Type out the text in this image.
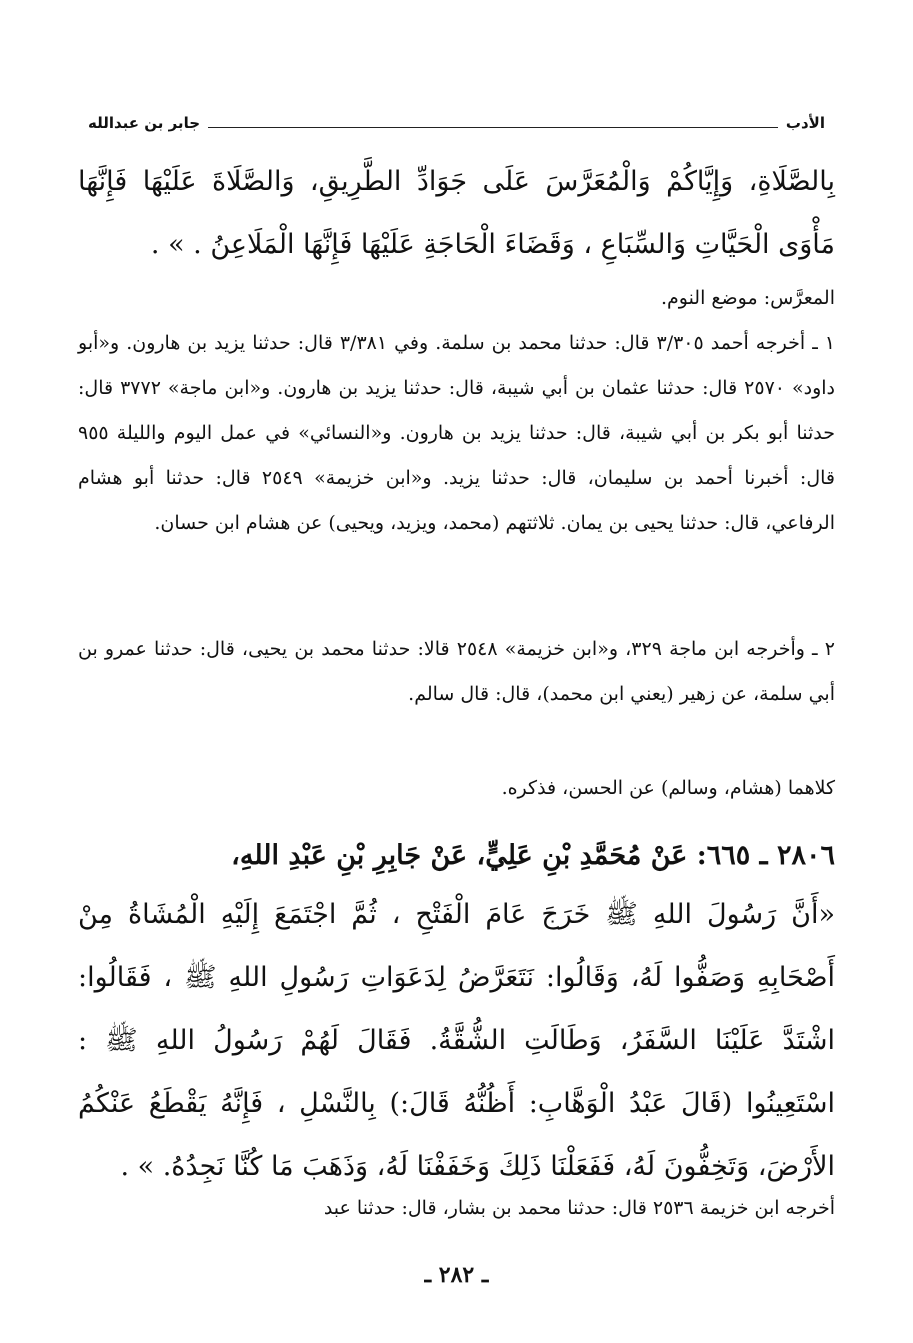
الأدب
جابر بن عبدالله
بِالصَّلَاةِ، وَإِيَّاكُمْ وَالْمُعَرَّسَ عَلَى جَوَادِّ الطَّرِيقِ، وَالصَّلَاةَ عَلَيْهَا فَإِنَّهَا مَأْوَى الْحَيَّاتِ وَالسِّبَاعِ ، وَقَضَاءَ الْحَاجَةِ عَلَيْهَا فَإِنَّهَا الْمَلَاعِنُ . » .
المعرَّس: موضع النوم.
١ ـ أخرجه أحمد ٣/٣٠٥ قال: حدثنا محمد بن سلمة. وفي ٣/٣٨١ قال: حدثنا يزيد بن هارون. و«أبو داود» ٢٥٧٠ قال: حدثنا عثمان بن أبي شيبة، قال: حدثنا يزيد بن هارون. و«ابن ماجة» ٣٧٧٢ قال: حدثنا أبو بكر بن أبي شيبة، قال: حدثنا يزيد بن هارون. و«النسائي» في عمل اليوم والليلة ٩٥٥ قال: أخبرنا أحمد بن سليمان، قال: حدثنا يزيد. و«ابن خزيمة» ٢٥٤٩ قال: حدثنا أبو هشام الرفاعي، قال: حدثنا يحيى بن يمان. ثلاثتهم (محمد، ويزيد، ويحيى) عن هشام ابن حسان.
٢ ـ وأخرجه ابن ماجة ٣٢٩، و«ابن خزيمة» ٢٥٤٨ قالا: حدثنا محمد بن يحيى، قال: حدثنا عمرو بن أبي سلمة، عن زهير (يعني ابن محمد)، قال: قال سالم.
كلاهما (هشام، وسالم) عن الحسن، فذكره.
٢٨٠٦ ـ ٦٦٥: عَنْ مُحَمَّدِ بْنِ عَلِيٍّ، عَنْ جَابِرِ بْنِ عَبْدِ اللهِ،
«أَنَّ رَسُولَ اللهِ ﷺ خَرَجَ عَامَ الْفَتْحِ ، ثُمَّ اجْتَمَعَ إِلَيْهِ الْمُشَاةُ مِنْ أَصْحَابِهِ وَصَفُّوا لَهُ، وَقَالُوا: نَتَعَرَّضُ لِدَعَوَاتِ رَسُولِ اللهِ ﷺ ، فَقَالُوا: اشْتَدَّ عَلَيْنَا السَّفَرُ، وَطَالَتِ الشُّقَّةُ. فَقَالَ لَهُمْ رَسُولُ اللهِ ﷺ : اسْتَعِينُوا (قَالَ عَبْدُ الْوَهَّابِ: أَظُنُّهُ قَالَ:) بِالنَّسْلِ ، فَإِنَّهُ يَقْطَعُ عَنْكُمُ الأَرْضَ، وَتَخِفُّونَ لَهُ، فَفَعَلْنَا ذَلِكَ وَخَفَفْنَا لَهُ، وَذَهَبَ مَا كُنَّا نَجِدُهُ. » .
أخرجه ابن خزيمة ٢٥٣٦ قال: حدثنا محمد بن بشار، قال: حدثنا عبد
ـ ٢٨٢ ـ
